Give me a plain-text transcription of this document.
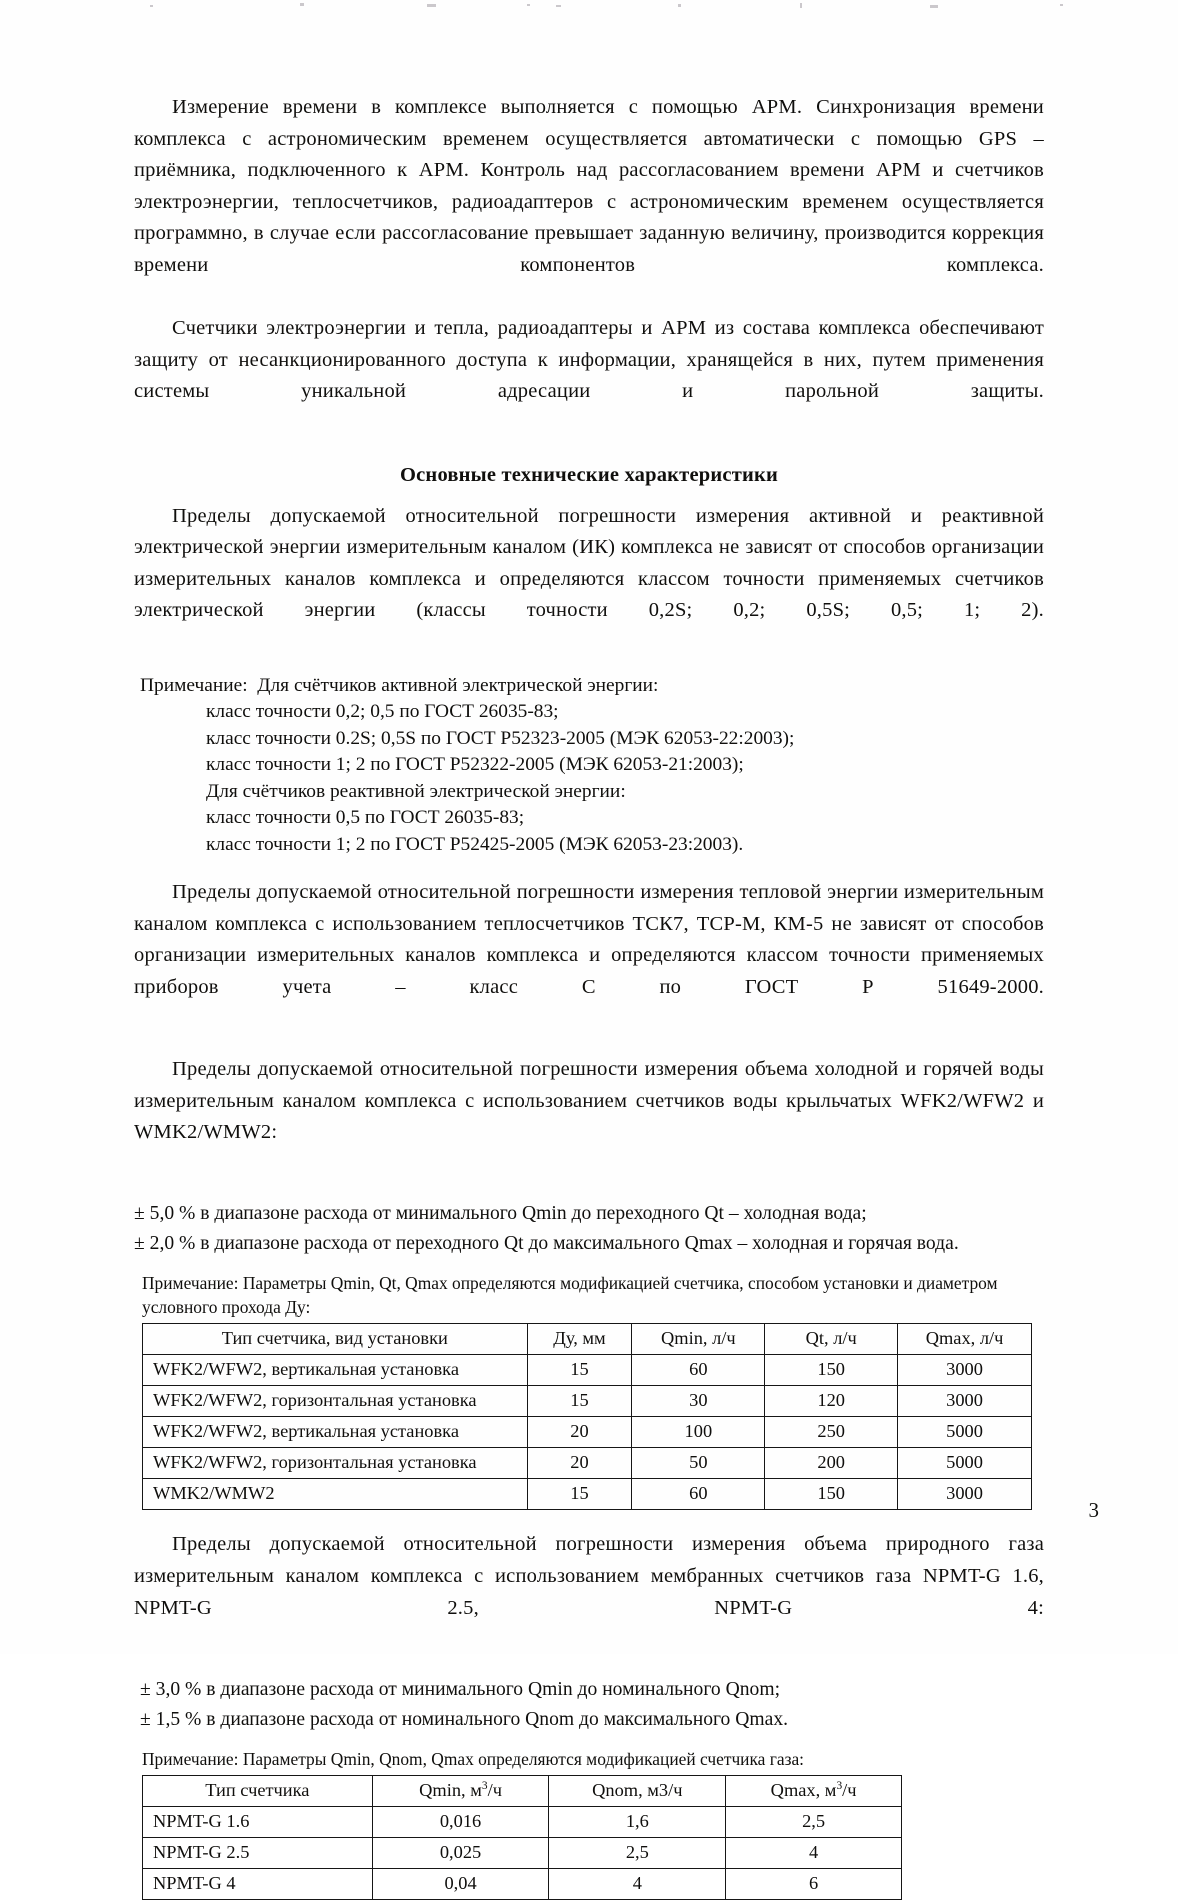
Измерение времени в комплексе выполняется с помощью АРМ. Синхронизация времени комплекса с астрономическим временем осуществляется автоматически с помощью GPS – приёмника, подключенного к АРМ. Контроль над рассогласованием времени АРМ и счетчиков электроэнергии, теплосчетчиков, радиоадаптеров с астрономическим временем осуществляется программно, в случае если рассогласование превышает заданную величину, производится коррекция времени компонентов комплекса.

Счетчики электроэнергии и тепла, радиоадаптеры и АРМ из состава комплекса обеспечивают защиту от несанкционированного доступа к информации, хранящейся в них, путем применения системы уникальной адресации и парольной защиты.

Основные технические характеристики

Пределы допускаемой относительной погрешности измерения активной и реактивной электрической энергии измерительным каналом (ИК) комплекса не зависят от способов организации измерительных каналов комплекса и определяются классом точности применяемых счетчиков электрической энергии (классы точности 0,2S; 0,2; 0,5S; 0,5; 1; 2).

Примечание:  Для счётчиков активной электрической энергии:
класс точности 0,2; 0,5 по ГОСТ 26035-83;
класс точности 0.2S; 0,5S по ГОСТ Р52323-2005 (МЭК 62053-22:2003);
класс точности 1; 2 по ГОСТ Р52322-2005 (МЭК 62053-21:2003);
Для счётчиков реактивной электрической энергии:
класс точности 0,5 по ГОСТ 26035-83;
класс точности 1; 2 по ГОСТ Р52425-2005 (МЭК 62053-23:2003).

Пределы допускаемой относительной погрешности измерения тепловой энергии измерительным каналом комплекса с использованием теплосчетчиков ТСК7, ТСР-М, КМ-5 не зависят от способов организации измерительных каналов комплекса и определяются классом точности применяемых приборов учета – класс С по ГОСТ Р 51649-2000.

Пределы допускаемой относительной погрешности измерения объема холодной и горячей воды измерительным каналом комплекса с использованием счетчиков воды крыльчатых WFK2/WFW2 и WMK2/WMW2:

± 5,0 % в диапазоне расхода от минимального Qmin до переходного Qt – холодная вода;
± 2,0 % в диапазоне расхода от переходного Qt до максимального Qmax – холодная и горячая вода.
Примечание: Параметры Qmin, Qt, Qmax определяются модификацией счетчика, способом установки и диаметром условного прохода Ду:
Тип счетчика, вид установки	Ду, мм	Qmin, л/ч	Qt, л/ч	Qmax, л/ч
WFK2/WFW2, вертикальная установка	15	60	150	3000
WFK2/WFW2, горизонтальная установка	15	30	120	3000
WFK2/WFW2, вертикальная установка	20	100	250	5000
WFK2/WFW2, горизонтальная установка	20	50	200	5000
WMK2/WMW2	15	60	150	3000

Пределы допускаемой относительной погрешности измерения объема природного газа измерительным каналом комплекса с использованием мембранных счетчиков газа NPMT-G 1.6, NPMT-G 2.5, NPMT-G 4:

± 3,0 % в диапазоне расхода от минимального Qmin до номинального Qnom;
± 1,5 % в диапазоне расхода от номинального Qnom до максимального Qmax.
Примечание: Параметры Qmin, Qnom, Qmax определяются модификацией счетчика газа:
Тип счетчика	Qmin, $м^3/ч$	Qnom, м3/ч	Qmax, $м^3/ч$
NPMT-G 1.6	0,016	1,6	2,5
NPMT-G 2.5	0,025	2,5	4
NPMT-G 4	0,04	4	6
3
